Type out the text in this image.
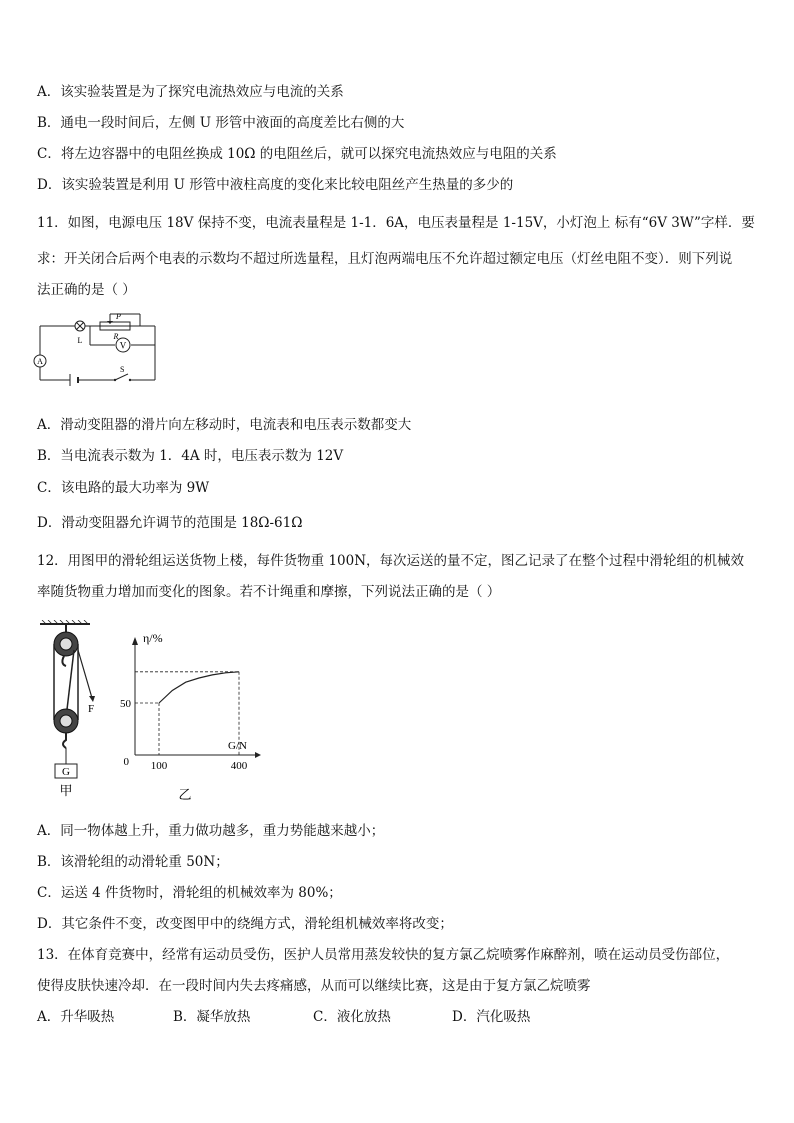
A．该实验装置是为了探究电流热效应与电流的关系
B．通电一段时间后，左侧 U 形管中液面的高度差比右侧的大
C．将左边容器中的电阻丝换成 10Ω 的电阻丝后，就可以探究电流热效应与电阻的关系
D．该实验装置是利用 U 形管中液柱高度的变化来比较电阻丝产生热量的多少的
11．如图，电源电压 18V 保持不变，电流表量程是 1-1．6A，电压表量程是 1-15V，小灯泡上 标有“6V 3W”字样．要
求：开关闭合后两个电表的示数均不超过所选量程，且灯泡两端电压不允许超过额定电压（灯丝电阻不变）．则下列说
法正确的是（ ）
A
V
L
P
R
S
A．滑动变阻器的滑片向左移动时，电流表和电压表示数都变大
B．当电流表示数为 1．4A 时，电压表示数为 12V
C．该电路的最大功率为 9W
D．滑动变阻器允许调节的范围是 18Ω-61Ω
12．用图甲的滑轮组运送货物上楼，每件货物重 100N，每次运送的量不定，图乙记录了在整个过程中滑轮组的机械效
率随货物重力增加而变化的图象。若不计绳重和摩擦，下列说法正确的是（ ）
F
G
甲
η/%
G/N
0 100	400
50
乙
A．同一物体越上升，重力做功越多，重力势能越来越小；
B．该滑轮组的动滑轮重 50N；
C．运送 4 件货物时，滑轮组的机械效率为 80%；
D．其它条件不变，改变图甲中的绕绳方式，滑轮组机械效率将改变；
13．在体育竞赛中，经常有运动员受伤，医护人员常用蒸发较快的复方氯乙烷喷雾作麻醉剂，喷在运动员受伤部位，
使得皮肤快速冷却．在一段时间内失去疼痛感，从而可以继续比赛，这是由于复方氯乙烷喷雾
A．升华吸热	B．凝华放热	C．液化放热	D．汽化吸热
